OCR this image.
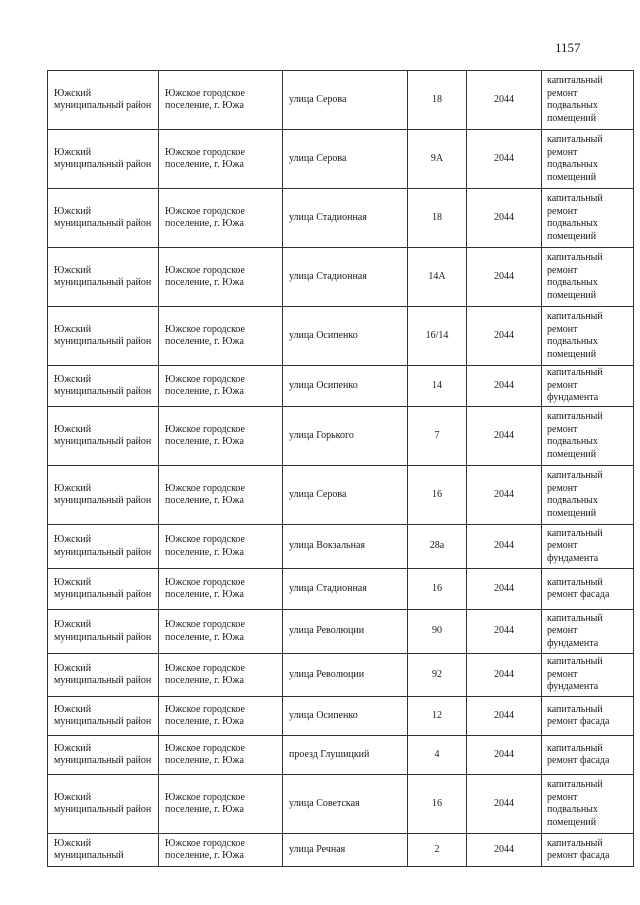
1157
Южский муниципальный район	Южское городское поселение, г. Южа	улица Серова	18	2044	капитальный ремонт подвальных помещений

Южский муниципальный район	Южское городское поселение, г. Южа	улица Серова	9А	2044	капитальный ремонт подвальных помещений

Южский муниципальный район	Южское городское поселение, г. Южа	улица Стадионная	18	2044	капитальный ремонт подвальных помещений

Южский муниципальный район	Южское городское поселение, г. Южа	улица Стадионная	14А	2044	капитальный ремонт подвальных помещений

Южский муниципальный район	Южское городское поселение, г. Южа	улица Осипенко	16/14	2044	капитальный ремонт подвальных помещений

Южский муниципальный район	Южское городское поселение, г. Южа	улица Осипенко	14	2044	капитальный ремонт фундамента

Южский муниципальный район	Южское городское поселение, г. Южа	улица Горького	7	2044	капитальный ремонт подвальных помещений

Южский муниципальный район	Южское городское поселение, г. Южа	улица Серова	16	2044	капитальный ремонт подвальных помещений

Южский муниципальный район	Южское городское поселение, г. Южа	улица Вокзальная	28а	2044	капитальный ремонт фундамента

Южский муниципальный район	Южское городское поселение, г. Южа	улица Стадионная	16	2044	капитальный ремонт фасада

Южский муниципальный район	Южское городское поселение, г. Южа	улица Революции	90	2044	капитальный ремонт фундамента

Южский муниципальный район	Южское городское поселение, г. Южа	улица Революции	92	2044	капитальный ремонт фундамента

Южский муниципальный район	Южское городское поселение, г. Южа	улица Осипенко	12	2044	капитальный ремонт фасада

Южский муниципальный район	Южское городское поселение, г. Южа	проезд Глушицкий	4	2044	капитальный ремонт фасада

Южский муниципальный район	Южское городское поселение, г. Южа	улица Советская	16	2044	капитальный ремонт подвальных помещений

Южский муниципальный	Южское городское поселение, г. Южа	улица Речная	2	2044	капитальный ремонт фасада
